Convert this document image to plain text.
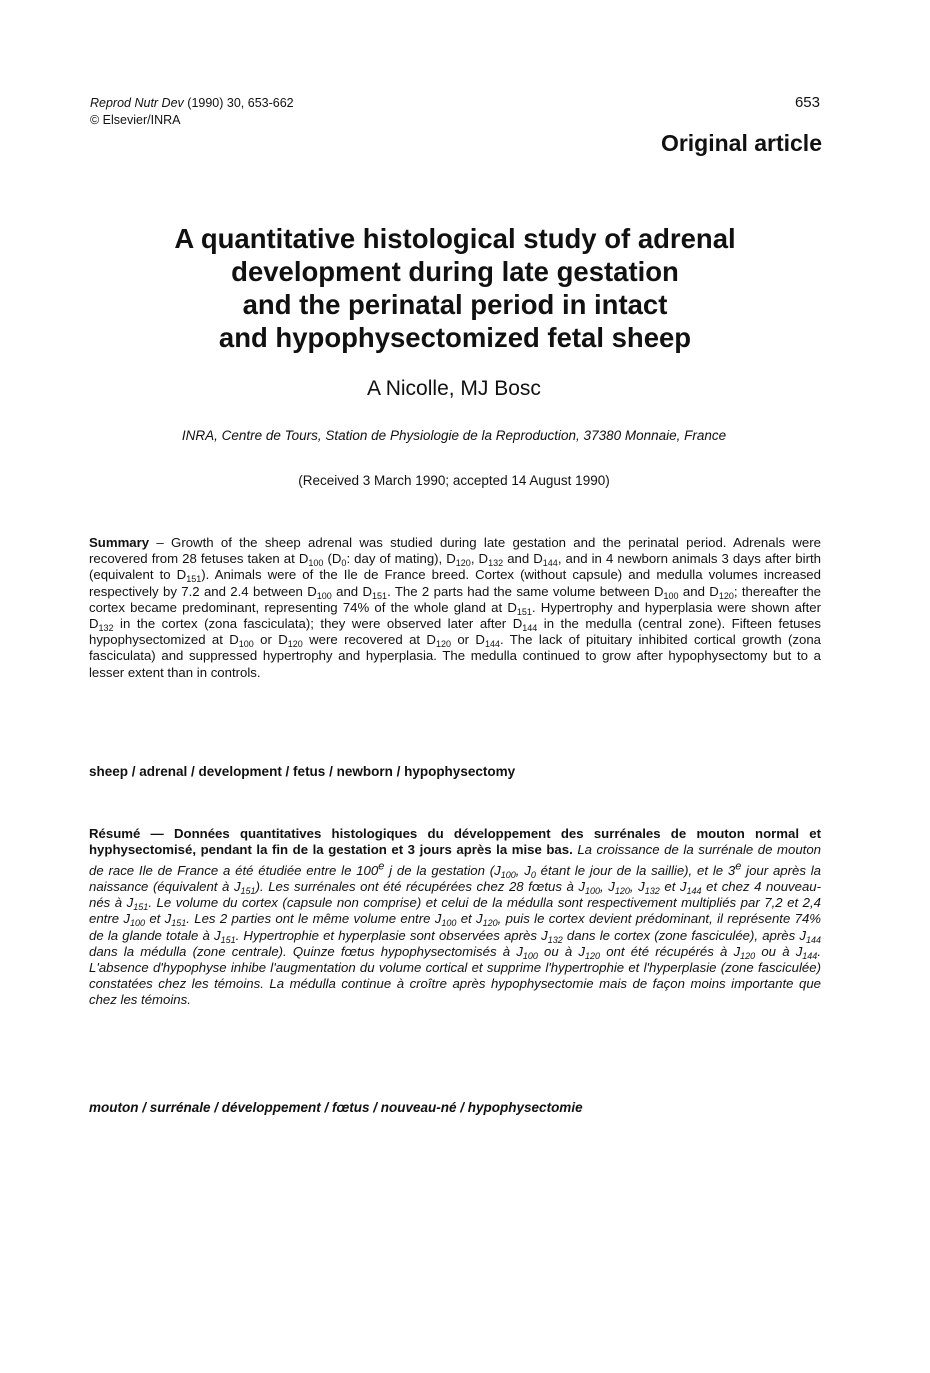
Reprod Nutr Dev (1990) 30, 653-662
© Elsevier/INRA
653
Original article
A quantitative histological study of adrenal
development during late gestation
and the perinatal period in intact
and hypophysectomized fetal sheep
A Nicolle, MJ Bosc
INRA, Centre de Tours, Station de Physiologie de la Reproduction, 37380 Monnaie, France
(Received 3 March 1990; accepted 14 August 1990)
Summary – Growth of the sheep adrenal was studied during late gestation and the perinatal period. Adrenals were recovered from 28 fetuses taken at $D_{100}$ ($D_0$: day of mating), $D_{120}$, $D_{132}$ and $D_{144}$, and in 4 newborn animals 3 days after birth (equivalent to $D_{151}$). Animals were of the Ile de France breed. Cortex (without capsule) and medulla volumes increased respectively by 7.2 and 2.4 between $D_{100}$ and $D_{151}$. The 2 parts had the same volume between $D_{100}$ and $D_{120}$; thereafter the cortex became predominant, representing 74% of the whole gland at $D_{151}$. Hypertrophy and hyperplasia were shown after $D_{132}$ in the cortex (zona fasciculata); they were observed later after $D_{144}$ in the medulla (central zone). Fifteen fetuses hypophysectomized at $D_{100}$ or $D_{120}$ were recovered at $D_{120}$ or $D_{144}$. The lack of pituitary inhibited cortical growth (zona fasciculata) and suppressed hypertrophy and hyperplasia. The medulla continued to grow after hypophysectomy but to a lesser extent than in controls.
sheep / adrenal / development / fetus / newborn / hypophysectomy
Résumé — Données quantitatives histologiques du développement des surrénales de mouton normal et hyphysectomisé, pendant la fin de la gestation et 3 jours après la mise bas. La croissance de la surrénale de mouton de race Ile de France a été étudiée entre le 100e j de la gestation ($J_{100}$, $J_0$ étant le jour de la saillie), et le 3e jour après la naissance (équivalent à $J_{151}$). Les surrénales ont été récupérées chez 28 fœtus à $J_{100}$, $J_{120}$, $J_{132}$ et $J_{144}$ et chez 4 nouveau-nés à $J_{151}$. Le volume du cortex (capsule non comprise) et celui de la médulla sont respectivement multipliés par 7,2 et 2,4 entre $J_{100}$ et $J_{151}$. Les 2 parties ont le même volume entre $J_{100}$ et $J_{120}$, puis le cortex devient prédominant, il représente 74% de la glande totale à $J_{151}$. Hypertrophie et hyperplasie sont observées après $J_{132}$ dans le cortex (zone fasciculée), après $J_{144}$ dans la médulla (zone centrale). Quinze fœtus hypophysectomisés à $J_{100}$ ou à $J_{120}$ ont été récupérés à $J_{120}$ ou à $J_{144}$. L'absence d'hypophyse inhibe l'augmentation du volume cortical et supprime l'hypertrophie et l'hyperplasie (zone fasciculée) constatées chez les témoins. La médulla continue à croître après hypophysectomie mais de façon moins importante que chez les témoins.
mouton / surrénale / développement / fœtus / nouveau-né / hypophysectomie
